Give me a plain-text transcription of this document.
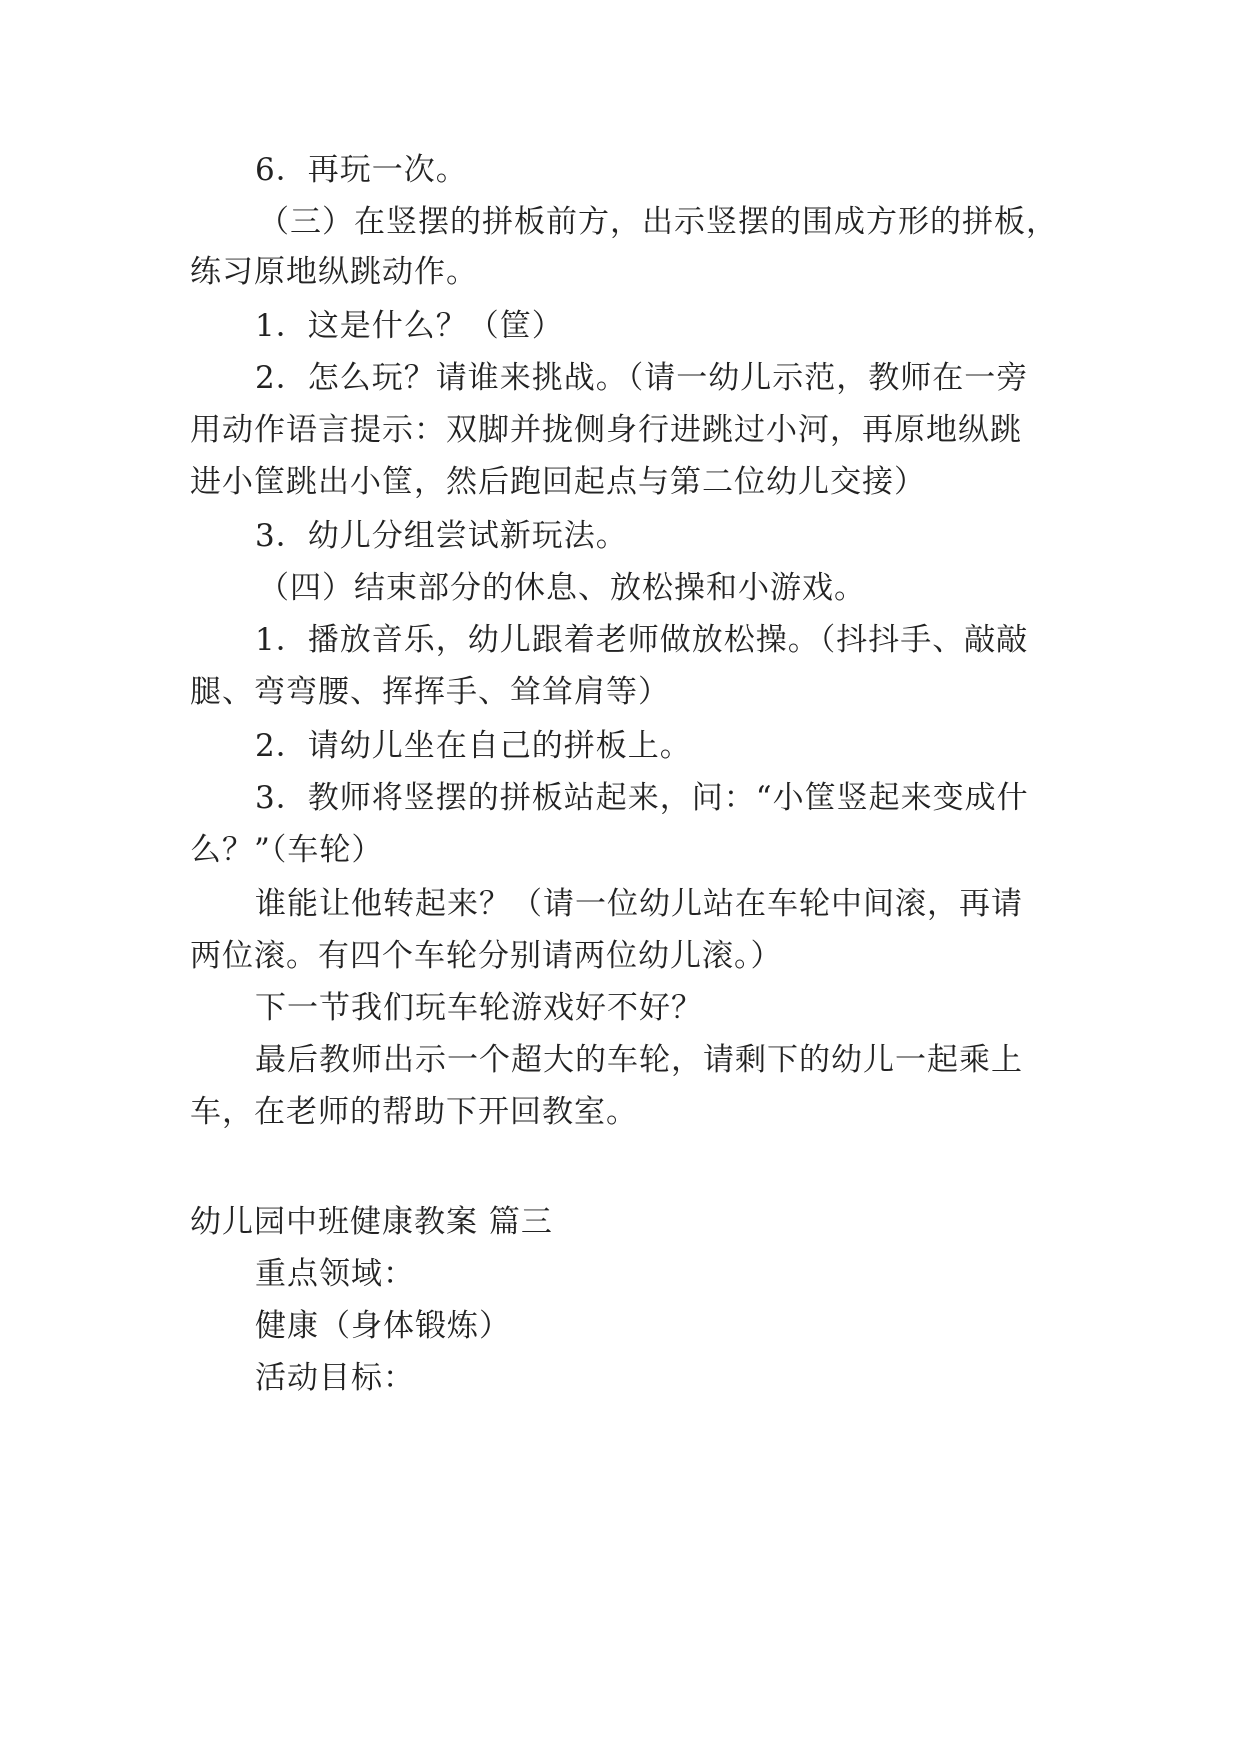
6．再玩一次。
（三）在竖摆的拼板前方，出示竖摆的围成方形的拼板，
练习原地纵跳动作。
1．这是什么？（筐）
2．怎么玩？请谁来挑战。（请一幼儿示范，教师在一旁
用动作语言提示：双脚并拢侧身行进跳过小河，再原地纵跳
进小筐跳出小筐，然后跑回起点与第二位幼儿交接）
3．幼儿分组尝试新玩法。
（四）结束部分的休息、放松操和小游戏。
1．播放音乐，幼儿跟着老师做放松操。（抖抖手、敲敲
腿、弯弯腰、挥挥手、耸耸肩等）
2．请幼儿坐在自己的拼板上。
3．教师将竖摆的拼板站起来，问：“小筐竖起来变成什
么？”（车轮）
谁能让他转起来？（请一位幼儿站在车轮中间滚，再请
两位滚。有四个车轮分别请两位幼儿滚。）
下一节我们玩车轮游戏好不好？
最后教师出示一个超大的车轮，请剩下的幼儿一起乘上
车，在老师的帮助下开回教室。
幼儿园中班健康教案 篇三
重点领域：
健康（身体锻炼）
活动目标：
